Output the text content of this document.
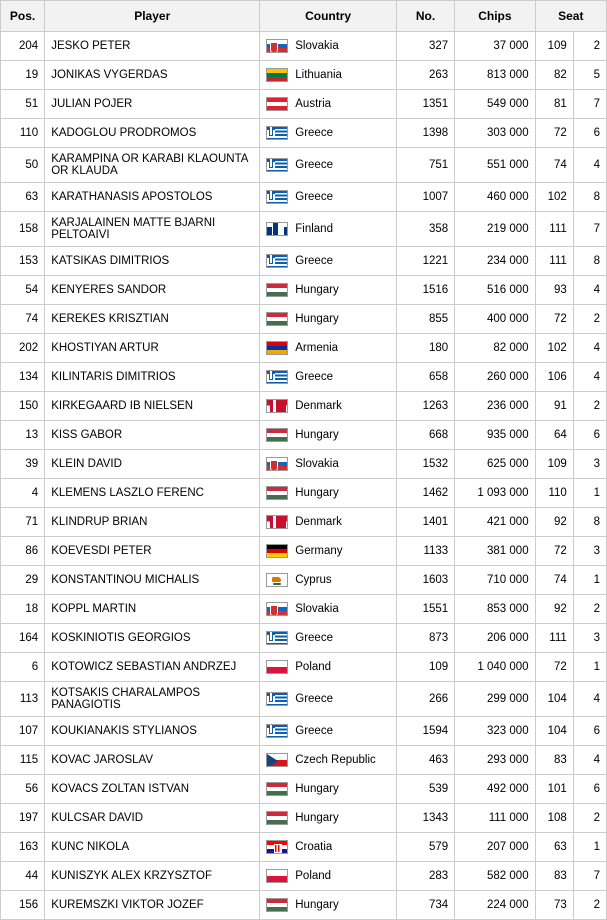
Pos.	Player	Country	No.	Chips	Seat	
204	JESKO PETER	Slovakia	327	37 000	109	2
19	JONIKAS VYGERDAS	Lithuania	263	813 000	82	5
51	JULIAN POJER	Austria	1351	549 000	81	7
110	KADOGLOU PRODROMOS	Greece	1398	303 000	72	6
50	KARAMPINA OR KARABI KLAOUNTA OR KLAUDA	Greece	751	551 000	74	4
63	KARATHANASIS APOSTOLOS	Greece	1007	460 000	102	8
158	KARJALAINEN MATTE BJARNI PELTOAIVI	Finland	358	219 000	111	7
153	KATSIKAS DIMITRIOS	Greece	1221	234 000	111	8
54	KENYERES SANDOR	Hungary	1516	516 000	93	4
74	KEREKES KRISZTIAN	Hungary	855	400 000	72	2
202	KHOSTIYAN ARTUR	Armenia	180	82 000	102	4
134	KILINTARIS DIMITRIOS	Greece	658	260 000	106	4
150	KIRKEGAARD IB NIELSEN	Denmark	1263	236 000	91	2
13	KISS GABOR	Hungary	668	935 000	64	6
39	KLEIN DAVID	Slovakia	1532	625 000	109	3
4	KLEMENS LASZLO FERENC	Hungary	1462	1 093 000	110	1
71	KLINDRUP BRIAN	Denmark	1401	421 000	92	8
86	KOEVESDI PETER	Germany	1133	381 000	72	3
29	KONSTANTINOU MICHALIS	Cyprus	1603	710 000	74	1
18	KOPPL MARTIN	Slovakia	1551	853 000	92	2
164	KOSKINIOTIS GEORGIOS	Greece	873	206 000	111	3
6	KOTOWICZ SEBASTIAN ANDRZEJ	Poland	109	1 040 000	72	1
113	KOTSAKIS CHARALAMPOS PANAGIOTIS	Greece	266	299 000	104	4
107	KOUKIANAKIS STYLIANOS	Greece	1594	323 000	104	6
115	KOVAC JAROSLAV	Czech Republic	463	293 000	83	4
56	KOVACS ZOLTAN ISTVAN	Hungary	539	492 000	101	6
197	KULCSAR DAVID	Hungary	1343	111 000	108	2
163	KUNC NIKOLA	Croatia	579	207 000	63	1
44	KUNISZYK ALEX KRZYSZTOF	Poland	283	582 000	83	7
156	KUREMSZKI VIKTOR JOZEF	Hungary	734	224 000	73	2
